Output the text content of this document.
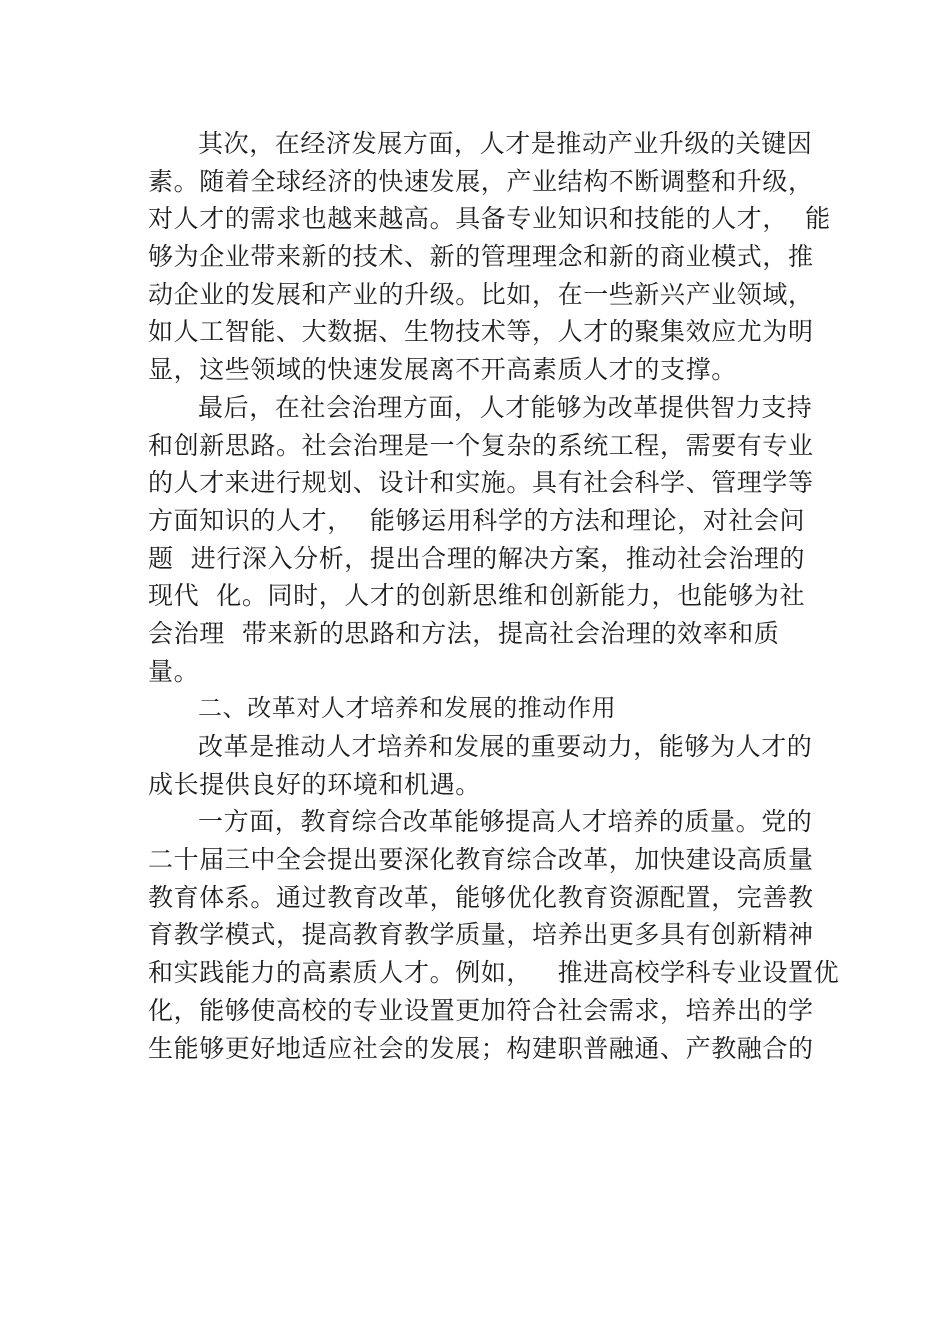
其次，在经济发展方面，人才是推动产业升级的关键因
素。随着全球经济的快速发展，产业结构不断调整和升级，
对人才的需求也越来越高。具备专业知识和技能的人才，  能
够为企业带来新的技术、新的管理理念和新的商业模式，推
动企业的发展和产业的升级。比如，在一些新兴产业领域，
如人工智能、大数据、生物技术等，人才的聚集效应尤为明
显，这些领域的快速发展离不开高素质人才的支撑。
最后，在社会治理方面，人才能够为改革提供智力支持
和创新思路。社会治理是一个复杂的系统工程，需要有专业
的人才来进行规划、设计和实施。具有社会科学、管理学等
方面知识的人才，  能够运用科学的方法和理论，对社会问
题  进行深入分析，提出合理的解决方案，推动社会治理的
现代  化。同时，人才的创新思维和创新能力，也能够为社
会治理  带来新的思路和方法，提高社会治理的效率和质
量。
二、改革对人才培养和发展的推动作用
改革是推动人才培养和发展的重要动力，能够为人才的
成长提供良好的环境和机遇。
一方面，教育综合改革能够提高人才培养的质量。党的
二十届三中全会提出要深化教育综合改革，加快建设高质量
教育体系。通过教育改革，能够优化教育资源配置，完善教
育教学模式，提高教育教学质量，培养出更多具有创新精神
和实践能力的高素质人才。例如，   推进高校学科专业设置优
化，能够使高校的专业设置更加符合社会需求，培养出的学
生能够更好地适应社会的发展；构建职普融通、产教融合的
